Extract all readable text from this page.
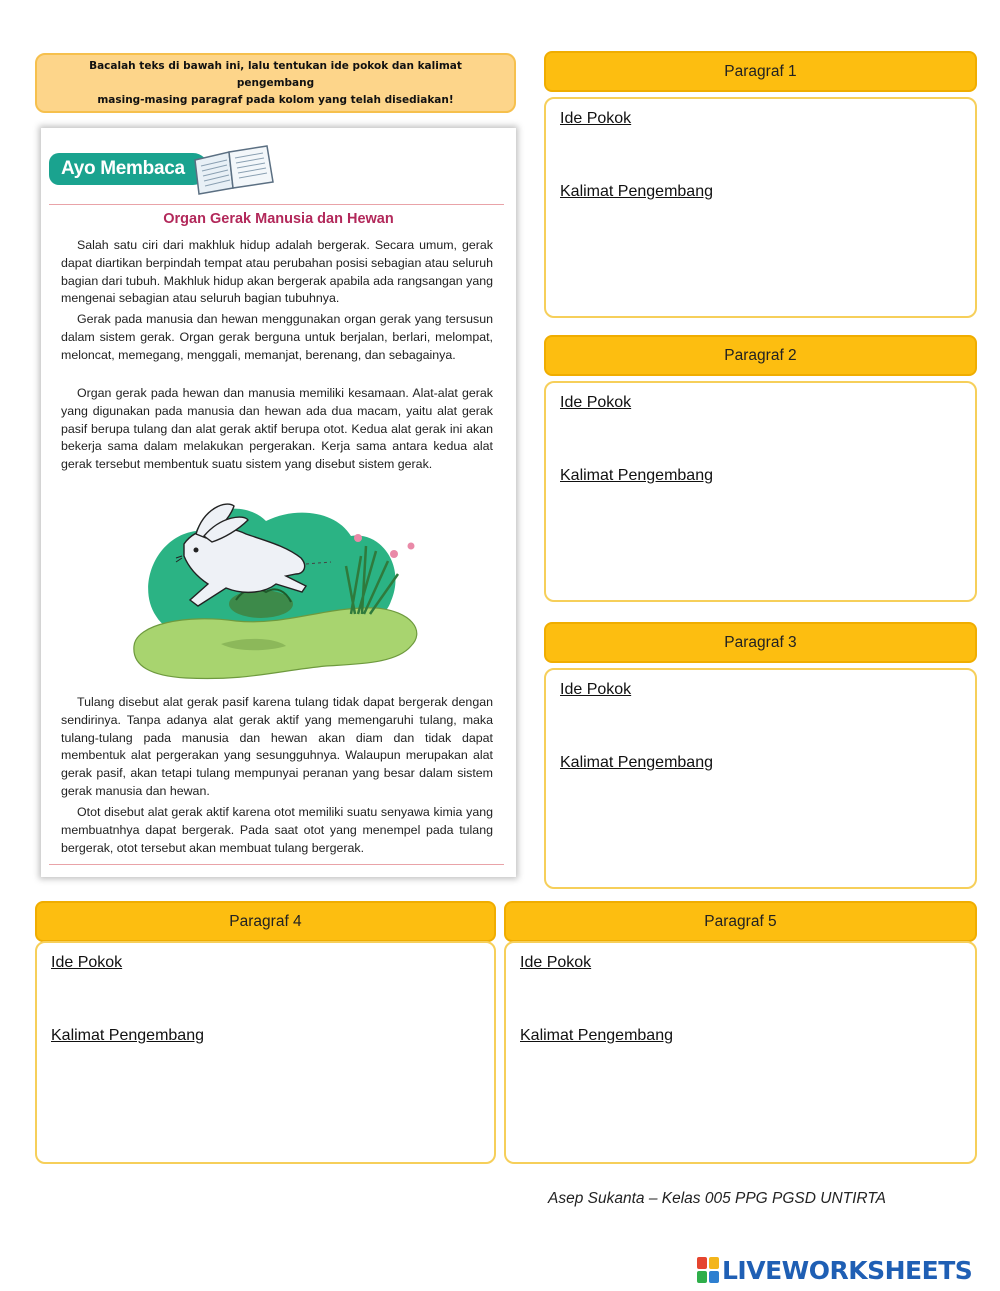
Bacalah teks di bawah ini, lalu tentukan ide pokok dan kalimat pengembang
masing-masing paragraf pada kolom yang telah disediakan!
Ayo Membaca
Organ Gerak Manusia dan Hewan

Salah satu ciri dari makhluk hidup adalah bergerak. Secara umum, gerak dapat diartikan berpindah tempat atau perubahan posisi sebagian atau seluruh bagian dari tubuh. Makhluk hidup akan bergerak apabila ada rangsangan yang mengenai sebagian atau seluruh bagian tubuhnya.

Gerak pada manusia dan hewan menggunakan organ gerak yang tersusun dalam sistem gerak. Organ gerak berguna untuk berjalan, berlari, melompat, meloncat, memegang, menggali, memanjat, berenang, dan sebagainya.

Organ gerak pada hewan dan manusia memiliki kesamaan. Alat-alat gerak yang digunakan pada manusia dan hewan ada dua macam, yaitu alat gerak pasif berupa tulang dan alat gerak aktif berupa otot. Kedua alat gerak ini akan bekerja sama dalam melakukan pergerakan. Kerja sama antara kedua alat gerak tersebut membentuk suatu sistem yang disebut sistem gerak.

Tulang disebut alat gerak pasif karena tulang tidak dapat bergerak dengan sendirinya. Tanpa adanya alat gerak aktif yang memengaruhi tulang, maka tulang-tulang pada manusia dan hewan akan diam dan tidak dapat membentuk alat pergerakan yang sesungguhnya. Walaupun merupakan alat gerak pasif, akan tetapi tulang mempunyai peranan yang besar dalam sistem gerak manusia dan hewan.

Otot disebut alat gerak aktif karena otot memiliki suatu senyawa kimia yang membuatnhya dapat bergerak. Pada saat otot yang menempel pada tulang bergerak, otot tersebut akan membuat tulang bergerak.

Paragraf 1
Ide Pokok
Kalimat Pengembang
Paragraf 2
Ide Pokok
Kalimat Pengembang
Paragraf 3
Ide Pokok
Kalimat Pengembang
Paragraf 4
Ide Pokok
Kalimat Pengembang
Paragraf 5
Ide Pokok
Kalimat Pengembang
Asep Sukanta – Kelas 005 PPG PGSD UNTIRTA
LIVEWORKSHEETS
